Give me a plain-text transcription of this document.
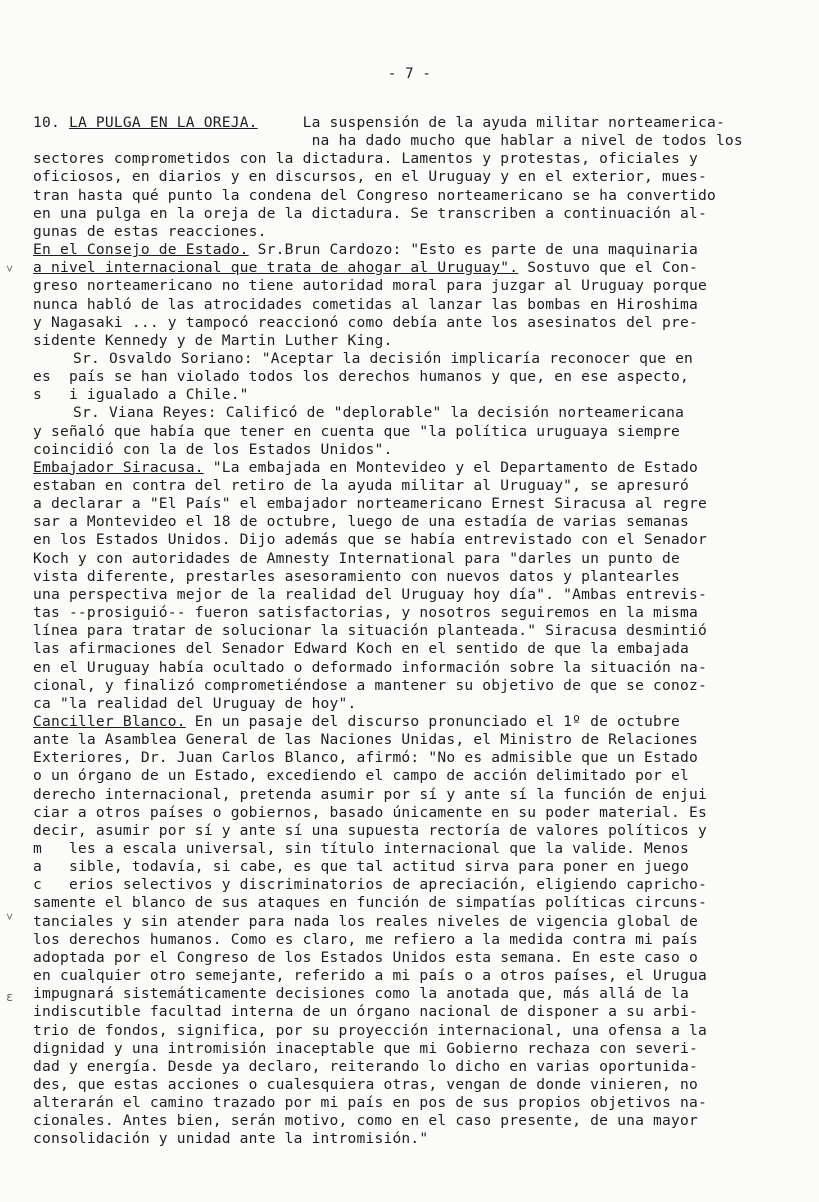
- 7 -
10. LA PULGA EN LA OREJA.     La suspensión de la ayuda militar norteamerica-
na ha dado mucho que hablar a nivel de todos los
sectores comprometidos con la dictadura. Lamentos y protestas, oficiales y
oficiosos, en diarios y en discursos, en el Uruguay y en el exterior, mues-
tran hasta qué punto la condena del Congreso norteamericano se ha convertido
en una pulga en la oreja de la dictadura. Se transcriben a continuación al-
gunas de estas reacciones.
En el Consejo de Estado. Sr.Brun Cardozo: "Esto es parte de una maquinaria
a nivel internacional que trata de ahogar al Uruguay". Sostuvo que el Con-
greso norteamericano no tiene autoridad moral para juzgar al Uruguay porque
nunca habló de las atrocidades cometidas al lanzar las bombas en Hiroshima
y Nagasaki ... y tampocó reaccionó como debía ante los asesinatos del pre-
sidente Kennedy y de Martin Luther King.
Sr. Osvaldo Soriano: "Aceptar la decisión implicaría reconocer que en
es  país se han violado todos los derechos humanos y que, en ese aspecto,
s   i igualado a Chile."
Sr. Viana Reyes: Calificó de "deplorable" la decisión norteamericana
y señaló que había que tener en cuenta que "la política uruguaya siempre
coincidió con la de los Estados Unidos".
Embajador Siracusa. "La embajada en Montevideo y el Departamento de Estado
estaban en contra del retiro de la ayuda militar al Uruguay", se apresuró
a declarar a "El País" el embajador norteamericano Ernest Siracusa al regre
sar a Montevideo el 18 de octubre, luego de una estadía de varias semanas
en los Estados Unidos. Dijo además que se había entrevistado con el Senador
Koch y con autoridades de Amnesty International para "darles un punto de
vista diferente, prestarles asesoramiento con nuevos datos y plantearles
una perspectiva mejor de la realidad del Uruguay hoy día". "Ambas entrevis-
tas --prosiguió-- fueron satisfactorias, y nosotros seguiremos en la misma
línea para tratar de solucionar la situación planteada." Siracusa desmintió
las afirmaciones del Senador Edward Koch en el sentido de que la embajada
en el Uruguay había ocultado o deformado información sobre la situación na-
cional, y finalizó comprometiéndose a mantener su objetivo de que se conoz-
ca "la realidad del Uruguay de hoy".
Canciller Blanco. En un pasaje del discurso pronunciado el 1º de octubre
ante la Asamblea General de las Naciones Unidas, el Ministro de Relaciones
Exteriores, Dr. Juan Carlos Blanco, afirmó: "No es admisible que un Estado
o un órgano de un Estado, excediendo el campo de acción delimitado por el
derecho internacional, pretenda asumir por sí y ante sí la función de enjui
ciar a otros países o gobiernos, basado únicamente en su poder material. Es
decir, asumir por sí y ante sí una supuesta rectoría de valores políticos y
m   les a escala universal, sin título internacional que la valide. Menos
a   sible, todavía, si cabe, es que tal actitud sirva para poner en juego
c   erios selectivos y discriminatorios de apreciación, eligiendo capricho-
samente el blanco de sus ataques en función de simpatías políticas circuns-
tanciales y sin atender para nada los reales niveles de vigencia global de
los derechos humanos. Como es claro, me refiero a la medida contra mi país
adoptada por el Congreso de los Estados Unidos esta semana. En este caso o
en cualquier otro semejante, referido a mi país o a otros países, el Urugua
impugnará sistemáticamente decisiones como la anotada que, más allá de la
indiscutible facultad interna de un órgano nacional de disponer a su arbi-
trio de fondos, significa, por su proyección internacional, una ofensa a la
dignidad y una intromisión inaceptable que mi Gobierno rechaza con severi-
dad y energía. Desde ya declaro, reiterando lo dicho en varias oportunida-
des, que estas acciones o cualesquiera otras, vengan de donde vinieren, no
alterarán el camino trazado por mi país en pos de sus propios objetivos na-
cionales. Antes bien, serán motivo, como en el caso presente, de una mayor
consolidación y unidad ante la intromisión."
˅
˅
ɛ
